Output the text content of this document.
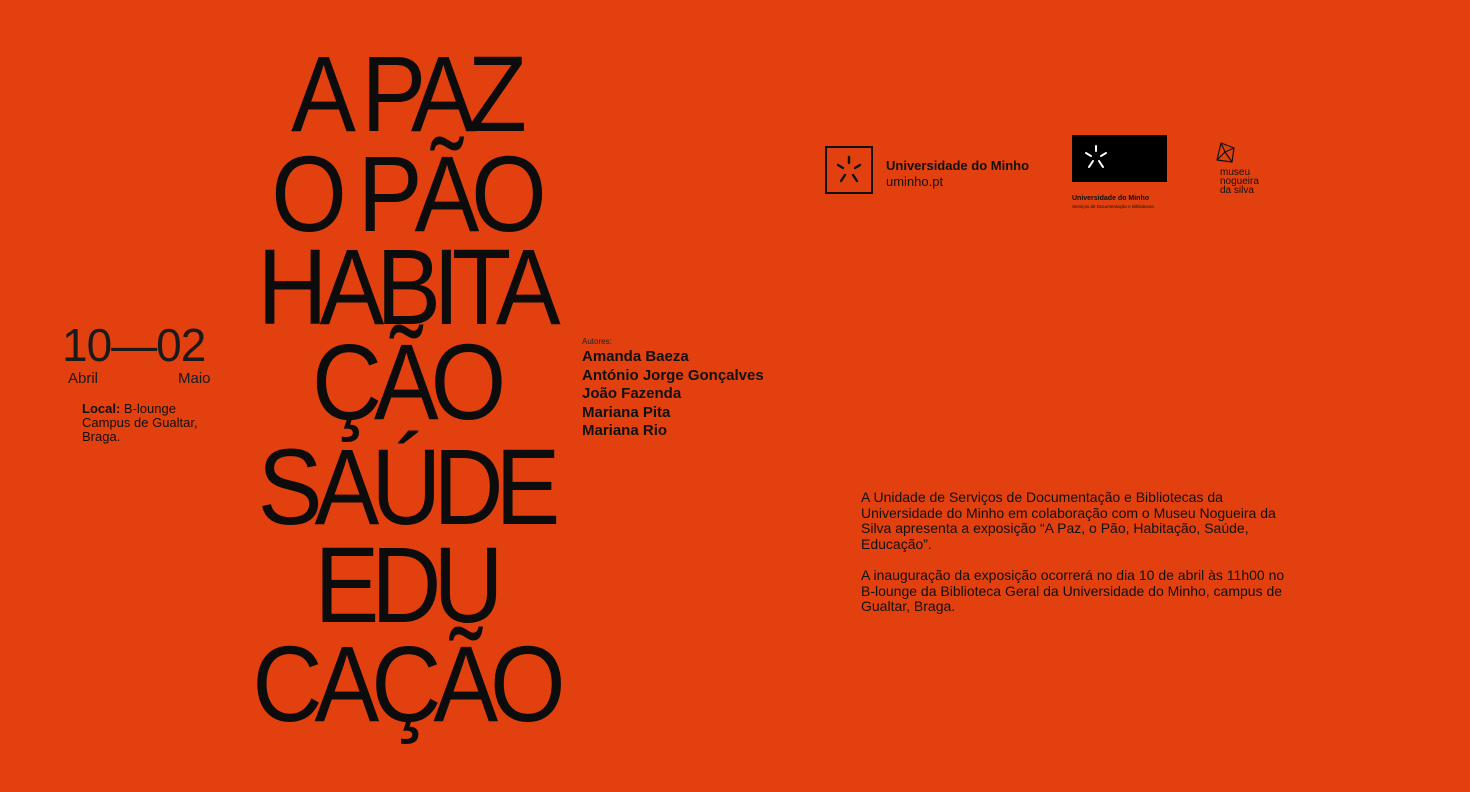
A PAZ
O PÃO
HABITA
ÇÃO
SAÚDE
EDU
CAÇÃO
10—02
Abril	Maio
Local: B-lounge
Campus de Gualtar,
Braga.
Autores:
Amanda Baeza
António Jorge Gonçalves
João Fazenda
Mariana Pita
Mariana Rio

A Unidade de Serviços de Documentação e Bibliotecas da Universidade do Minho em colaboração com o Museu Nogueira da Silva apresenta a exposição “A Paz, o Pão, Habitação, Saúde, Educação”.

A inauguração da exposição ocorrerá no dia 10 de abril às 11h00 no B-lounge da Biblioteca Geral da Universidade do Minho, campus de Gualtar, Braga.

Universidade do Minho
uminho.pt
Universidade do Minho
Serviços de Documentação e Bibliotecas
museu
nogueira
da silva
